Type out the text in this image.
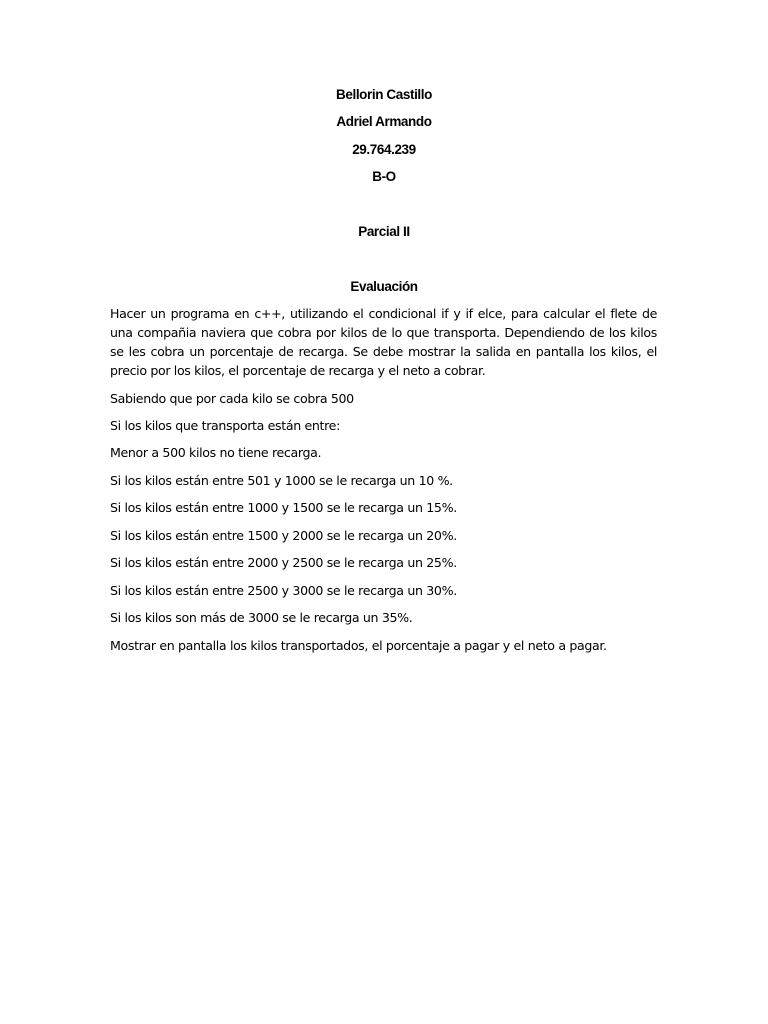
Bellorin Castillo
Adriel Armando
29.764.239
B-O
Parcial II
Evaluación
Hacer un programa en c++, utilizando el condicional if y if elce, para calcular el flete de una compañia naviera que cobra por kilos de lo que transporta. Dependiendo de los kilos se les cobra un porcentaje de recarga. Se debe mostrar la salida en pantalla los kilos, el precio por los kilos, el porcentaje de recarga y el neto a cobrar.
Sabiendo que por cada kilo se cobra 500
Si los kilos que transporta están entre:
Menor a 500 kilos no tiene recarga.
Si los kilos están entre 501 y 1000 se le recarga un 10 %.
Si los kilos están entre 1000 y 1500 se le recarga un 15%.
Si los kilos están entre 1500 y 2000 se le recarga un 20%.
Si los kilos están entre 2000 y 2500 se le recarga un 25%.
Si los kilos están entre 2500 y 3000 se le recarga un 30%.
Si los kilos son más de 3000 se le recarga un 35%.
Mostrar en pantalla los kilos transportados, el porcentaje a pagar y el neto a pagar.
